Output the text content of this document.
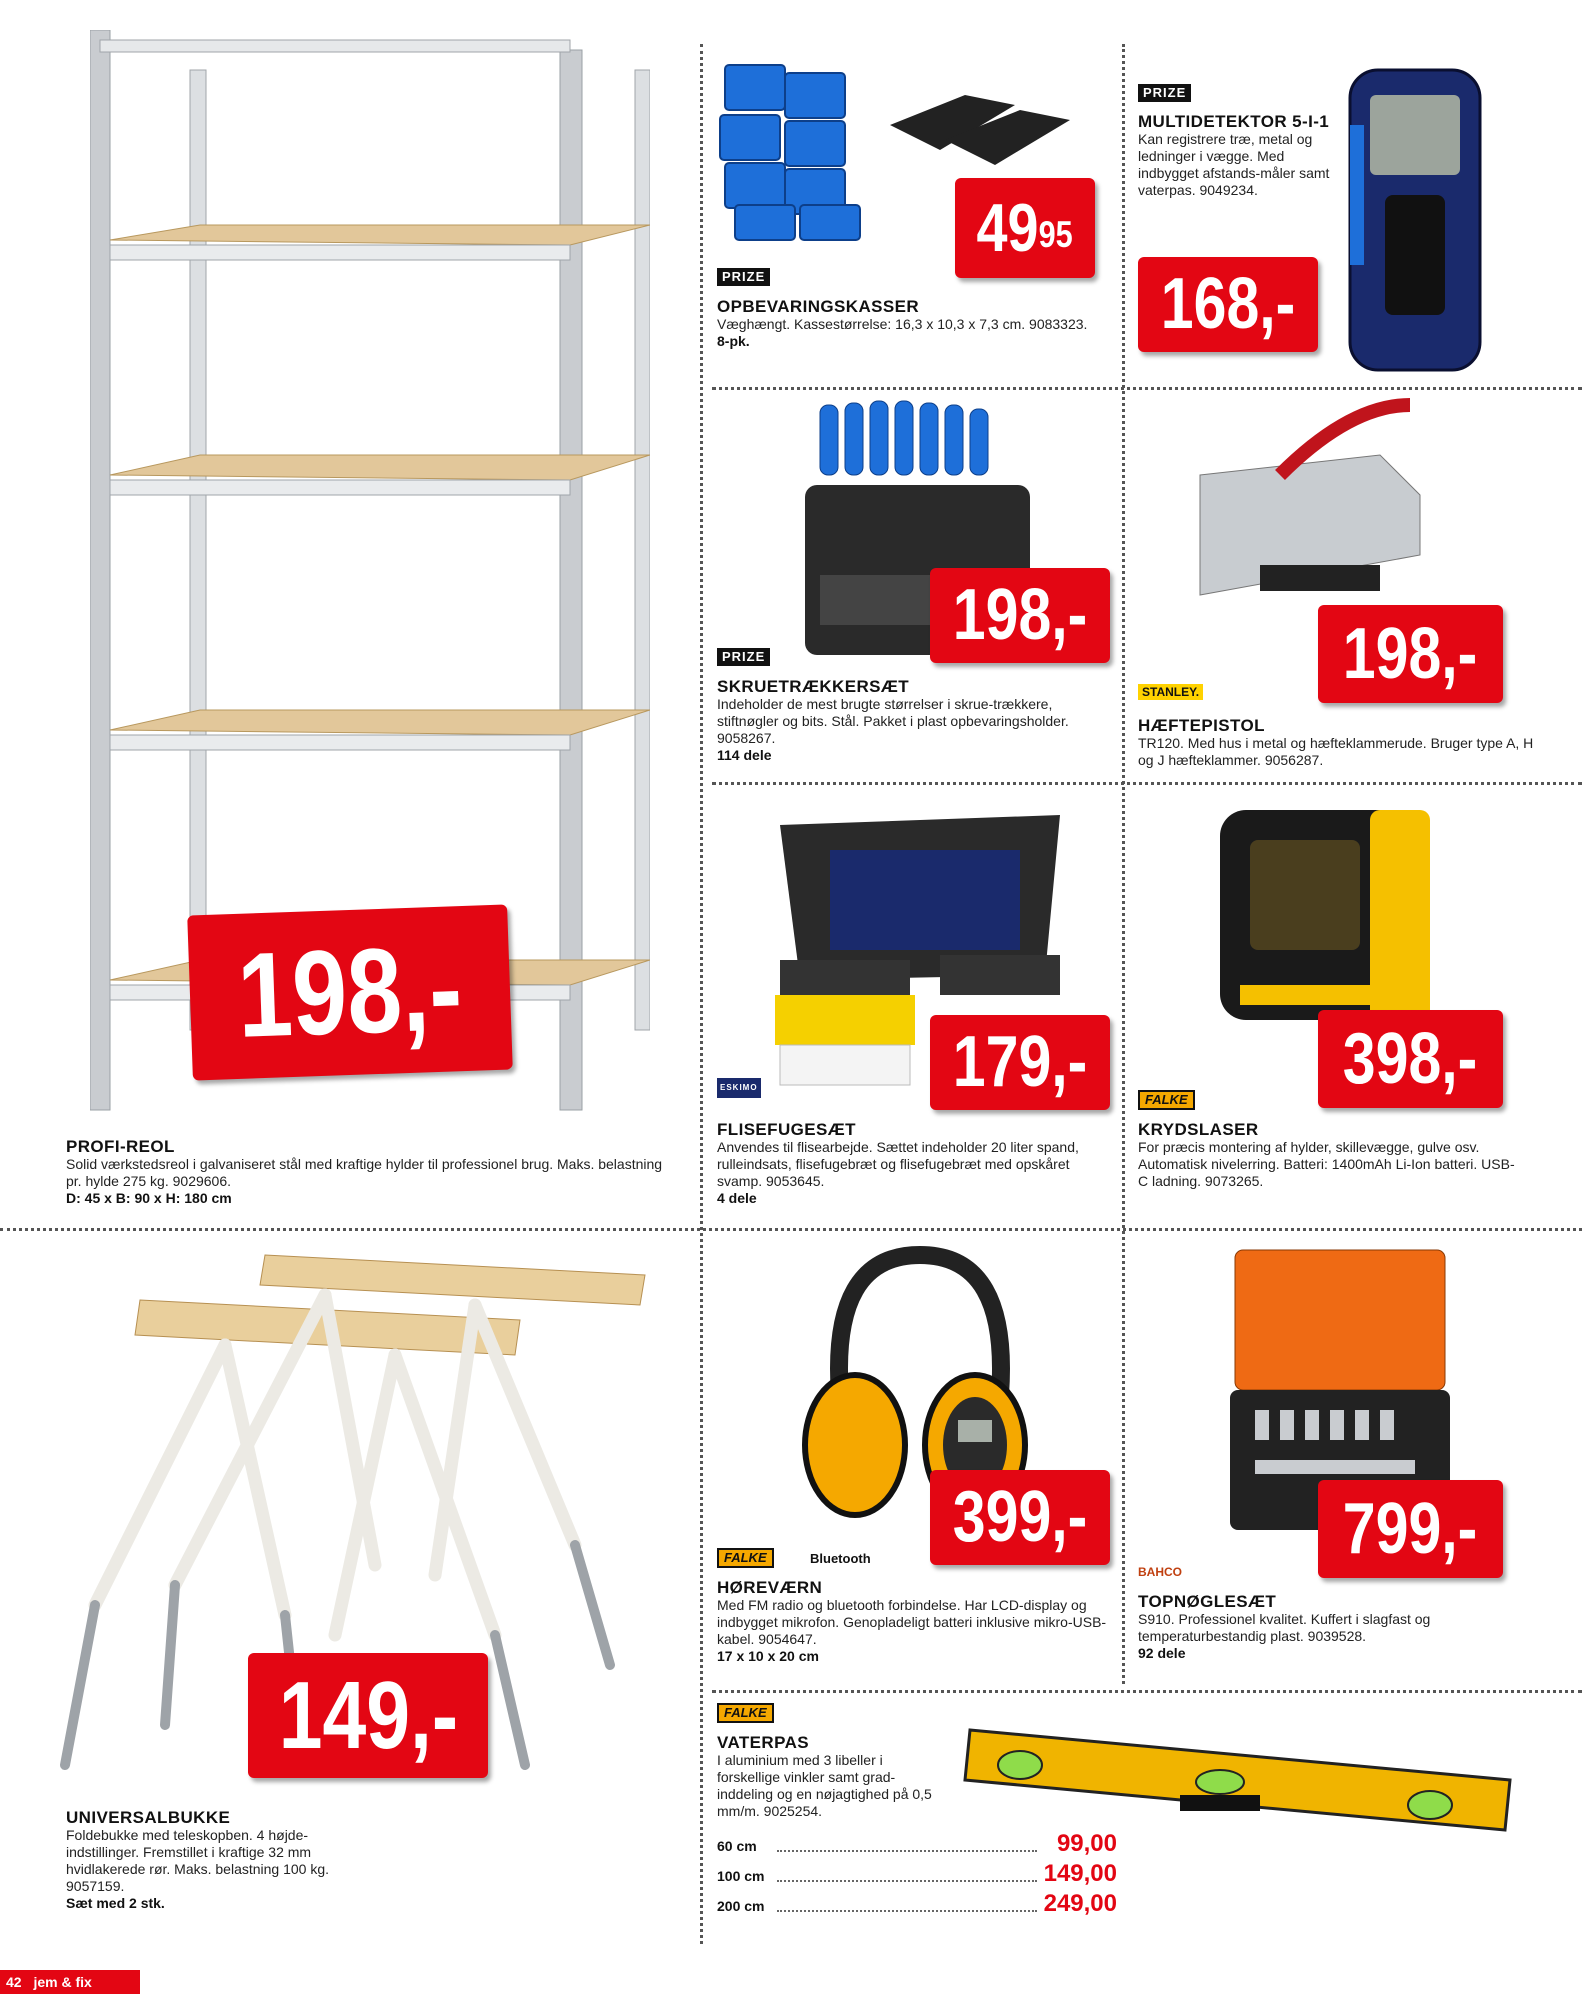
198,-
PROFI-REOL
Solid værkstedsreol i galvaniseret stål med kraftige hylder til professionel brug. Maks. belastning pr. hylde 275 kg. 9029606.
D: 45 x B: 90 x H: 180 cm
$49^{95}$
PRIZE
OPBEVARINGSKASSER
Væghængt. Kassestørrelse: 16,3 x 10,3 x 7,3 cm. 9083323.
8-pk.
PRIZE
MULTIDETEKTOR 5-I-1
Kan registrere træ, metal og ledninger i vægge. Med indbygget afstands-måler samt vaterpas. 9049234.
168,-
198,-
PRIZE
SKRUETRÆKKERSÆT
Indeholder de mest brugte størrelser i skrue-trækkere, stiftnøgler og bits. Stål. Pakket i plast opbevaringsholder. 9058267.
114 dele
198,-
STANLEY.
HÆFTEPISTOL
TR120. Med hus i metal og hæfteklammerude. Bruger type A, H og J hæfteklammer. 9056287.
179,-
ESKIMO
FLISEFUGESÆT
Anvendes til flisearbejde. Sættet indeholder 20 liter spand, rulleindsats, flisefugebræt og flisefugebræt med opskåret svamp. 9053645.
4 dele
398,-
FALKE
KRYDSLASER
For præcis montering af hylder, skillevægge, gulve osv. Automatisk nivelerring. Batteri: 1400mAh Li-Ion batteri. USB-C ladning. 9073265.
149,-
UNIVERSALBUKKE
Foldebukke med teleskopben. 4 højde-indstillinger. Fremstillet i kraftige 32 mm hvidlakerede rør. Maks. belastning 100 kg. 9057159.
Sæt med 2 stk.
399,-
FALKE	Bluetooth
HØREVÆRN
Med FM radio og bluetooth forbindelse. Har LCD-display og indbygget mikrofon. Genopladeligt batteri inklusive mikro-USB-kabel. 9054647.
17 x 10 x 20 cm
799,-
BAHCO
TOPNØGLESÆT
S910. Professionel kvalitet. Kuffert i slagfast og temperaturbestandig plast. 9039528.
92 dele
FALKE
VATERPAS
I aluminium med 3 libeller i forskellige vinkler samt grad-inddeling og en nøjagtighed på 0,5 mm/m. 9025254.
60 cm	99,00
100 cm	149,00
200 cm	249,00
42 jem & fix
